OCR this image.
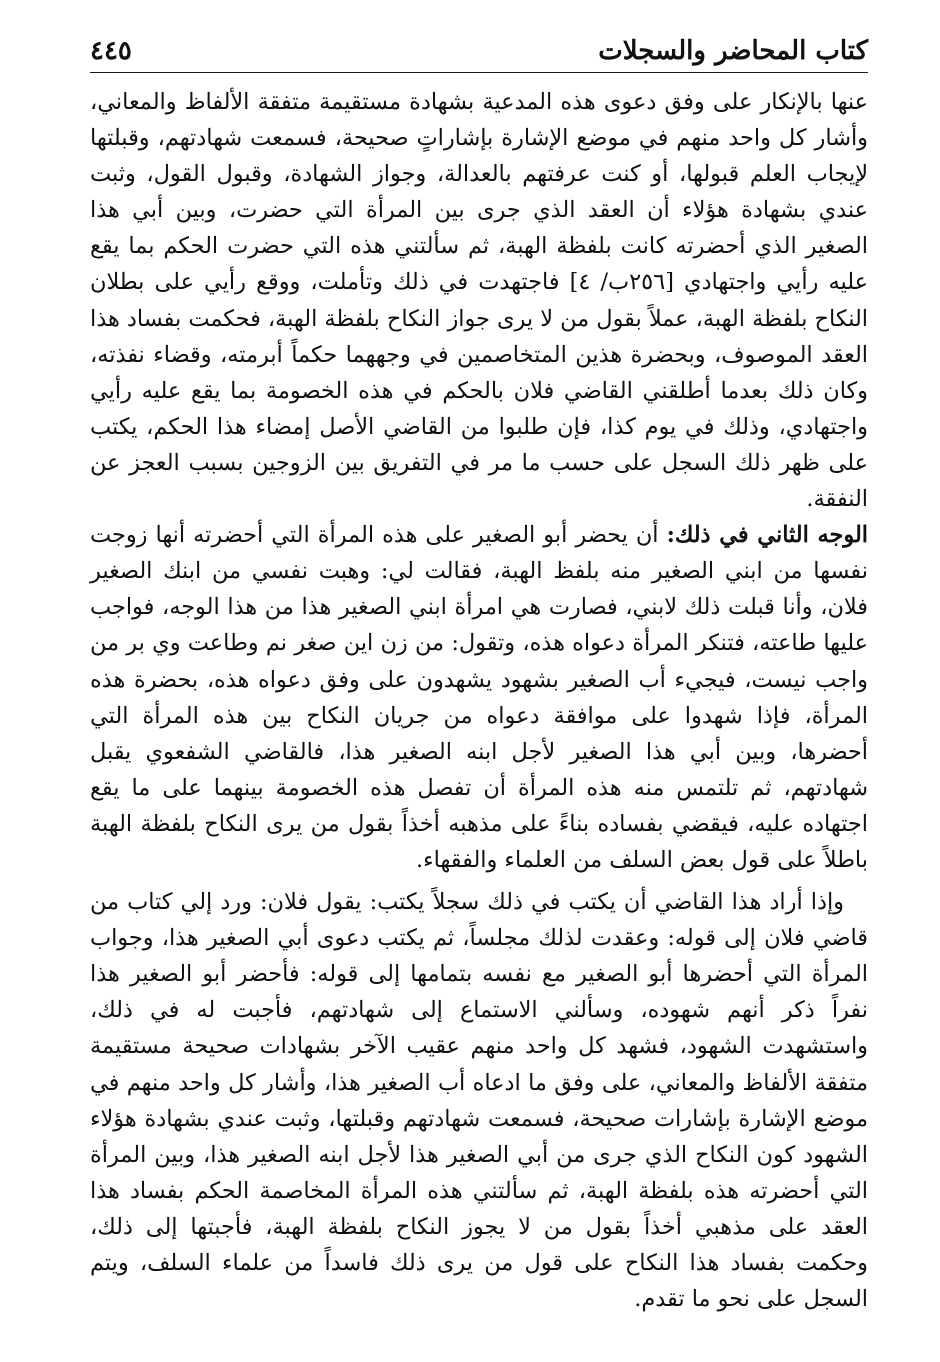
كتاب المحاضر والسجلات
٤٤٥

عنها بالإنكار على وفق دعوى هذه المدعية بشهادة مستقيمة متفقة الألفاظ والمعاني، وأشار كل واحد منهم في موضع الإشارة بإشاراتٍ صحيحة، فسمعت شهادتهم، وقبلتها لإيجاب العلم قبولها، أو كنت عرفتهم بالعدالة، وجواز الشهادة، وقبول القول، وثبت عندي بشهادة هؤلاء أن العقد الذي جرى بين المرأة التي حضرت، وبين أبي هذا الصغير الذي أحضرته كانت بلفظة الهبة، ثم سألتني هذه التي حضرت الحكم بما يقع عليه رأيي واجتهادي [٢٥٦ب/ ٤] فاجتهدت في ذلك وتأملت، ووقع رأيي على بطلان النكاح بلفظة الهبة، عملاً بقول من لا يرى جواز النكاح بلفظة الهبة، فحكمت بفساد هذا العقد الموصوف، وبحضرة هذين المتخاصمين في وجههما حكماً أبرمته، وقضاء نفذته، وكان ذلك بعدما أطلقني القاضي فلان بالحكم في هذه الخصومة بما يقع عليه رأيي واجتهادي، وذلك في يوم كذا، فإن طلبوا من القاضي الأصل إمضاء هذا الحكم، يكتب على ظهر ذلك السجل على حسب ما مر في التفريق بين الزوجين بسبب العجز عن النفقة.

الوجه الثاني في ذلك: أن يحضر أبو الصغير على هذه المرأة التي أحضرته أنها زوجت نفسها من ابني الصغير منه بلفظ الهبة، فقالت لي: وهبت نفسي من ابنك الصغير فلان، وأنا قبلت ذلك لابني، فصارت هي امرأة ابني الصغير هذا من هذا الوجه، فواجب عليها طاعته، فتنكر المرأة دعواه هذه، وتقول: من زن اين صغر نم وطاعت وي بر من واجب نيست، فيجيء أب الصغير بشهود يشهدون على وفق دعواه هذه، بحضرة هذه المرأة، فإذا شهدوا على موافقة دعواه من جريان النكاح بين هذه المرأة التي أحضرها، وبين أبي هذا الصغير لأجل ابنه الصغير هذا، فالقاضي الشفعوي يقبل شهادتهم، ثم تلتمس منه هذه المرأة أن تفصل هذه الخصومة بينهما على ما يقع اجتهاده عليه، فيقضي بفساده بناءً على مذهبه أخذاً بقول من يرى النكاح بلفظة الهبة باطلاً على قول بعض السلف من العلماء والفقهاء.

وإذا أراد هذا القاضي أن يكتب في ذلك سجلاً يكتب: يقول فلان: ورد إلي كتاب من قاضي فلان إلى قوله: وعقدت لذلك مجلساً، ثم يكتب دعوى أبي الصغير هذا، وجواب المرأة التي أحضرها أبو الصغير مع نفسه بتمامها إلى قوله: فأحضر أبو الصغير هذا نفراً ذكر أنهم شهوده، وسألني الاستماع إلى شهادتهم، فأجبت له في ذلك، واستشهدت الشهود، فشهد كل واحد منهم عقيب الآخر بشهادات صحيحة مستقيمة متفقة الألفاظ والمعاني، على وفق ما ادعاه أب الصغير هذا، وأشار كل واحد منهم في موضع الإشارة بإشارات صحيحة، فسمعت شهادتهم وقبلتها، وثبت عندي بشهادة هؤلاء الشهود كون النكاح الذي جرى من أبي الصغير هذا لأجل ابنه الصغير هذا، وبين المرأة التي أحضرته هذه بلفظة الهبة، ثم سألتني هذه المرأة المخاصمة الحكم بفساد هذا العقد على مذهبي أخذاً بقول من لا يجوز النكاح بلفظة الهبة، فأجبتها إلى ذلك، وحكمت بفساد هذا النكاح على قول من يرى ذلك فاسداً من علماء السلف، ويتم السجل على نحو ما تقدم.
